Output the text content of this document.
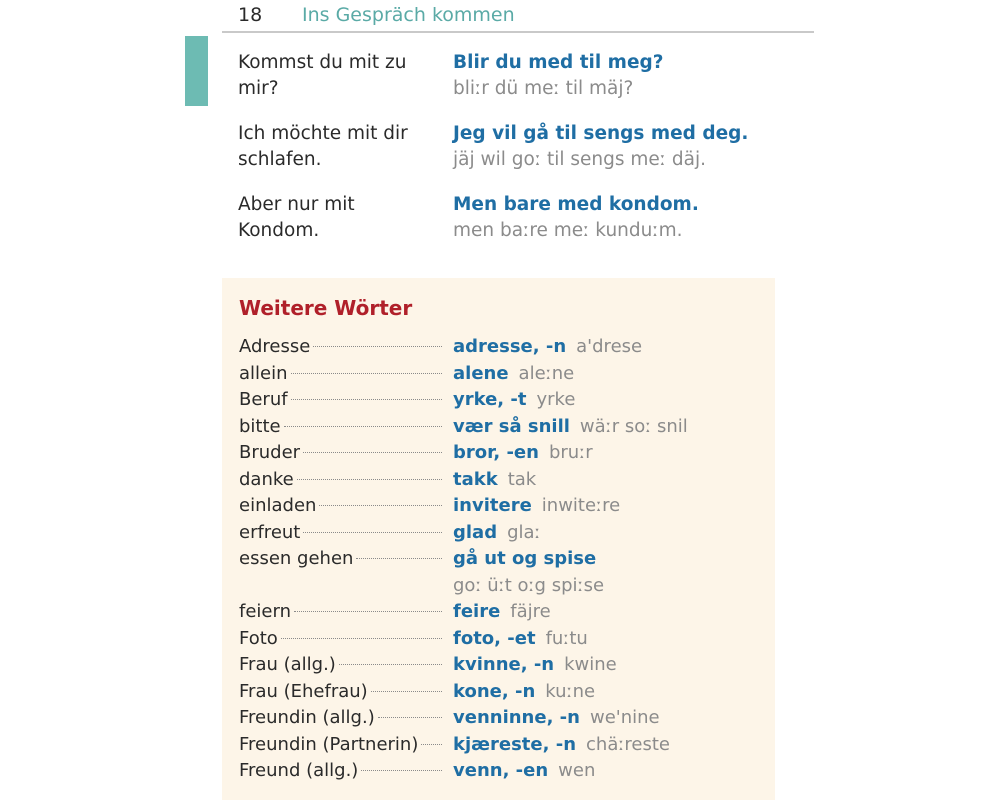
18 Ins Gespräch kommen
Kommst du mit zu mir?
Blir du med til meg?
bliːr dü meː til mäj?
Ich möchte mit dir schlafen.
Jeg vil gå til sengs med deg.
jäj wil goː til sengs meː däj.
Aber nur mit Kondom.
Men bare med kondom.
men baːre meː kunduːm.
Weitere Wörter
Adresse	adresse, -n a'drese
allein	alene aleːne
Beruf	yrke, -t yrke
bitte	vær så snill wäːr soː snil
Bruder	bror, -en bruːr
danke	takk tak
einladen	invitere inwiteːre
erfreut	glad glaː
essen gehen	gå ut og spise
goː üːt oːg spiːse
feiern	feire fäjre
Foto	foto, -et fuːtu
Frau (allg.)	kvinne, -n kwine
Frau (Ehefrau)	kone, -n kuːne
Freundin (allg.)	venninne, -n we'nine
Freundin (Partnerin) kjæreste, -n chäːreste
Freund (allg.)	venn, -en wen
